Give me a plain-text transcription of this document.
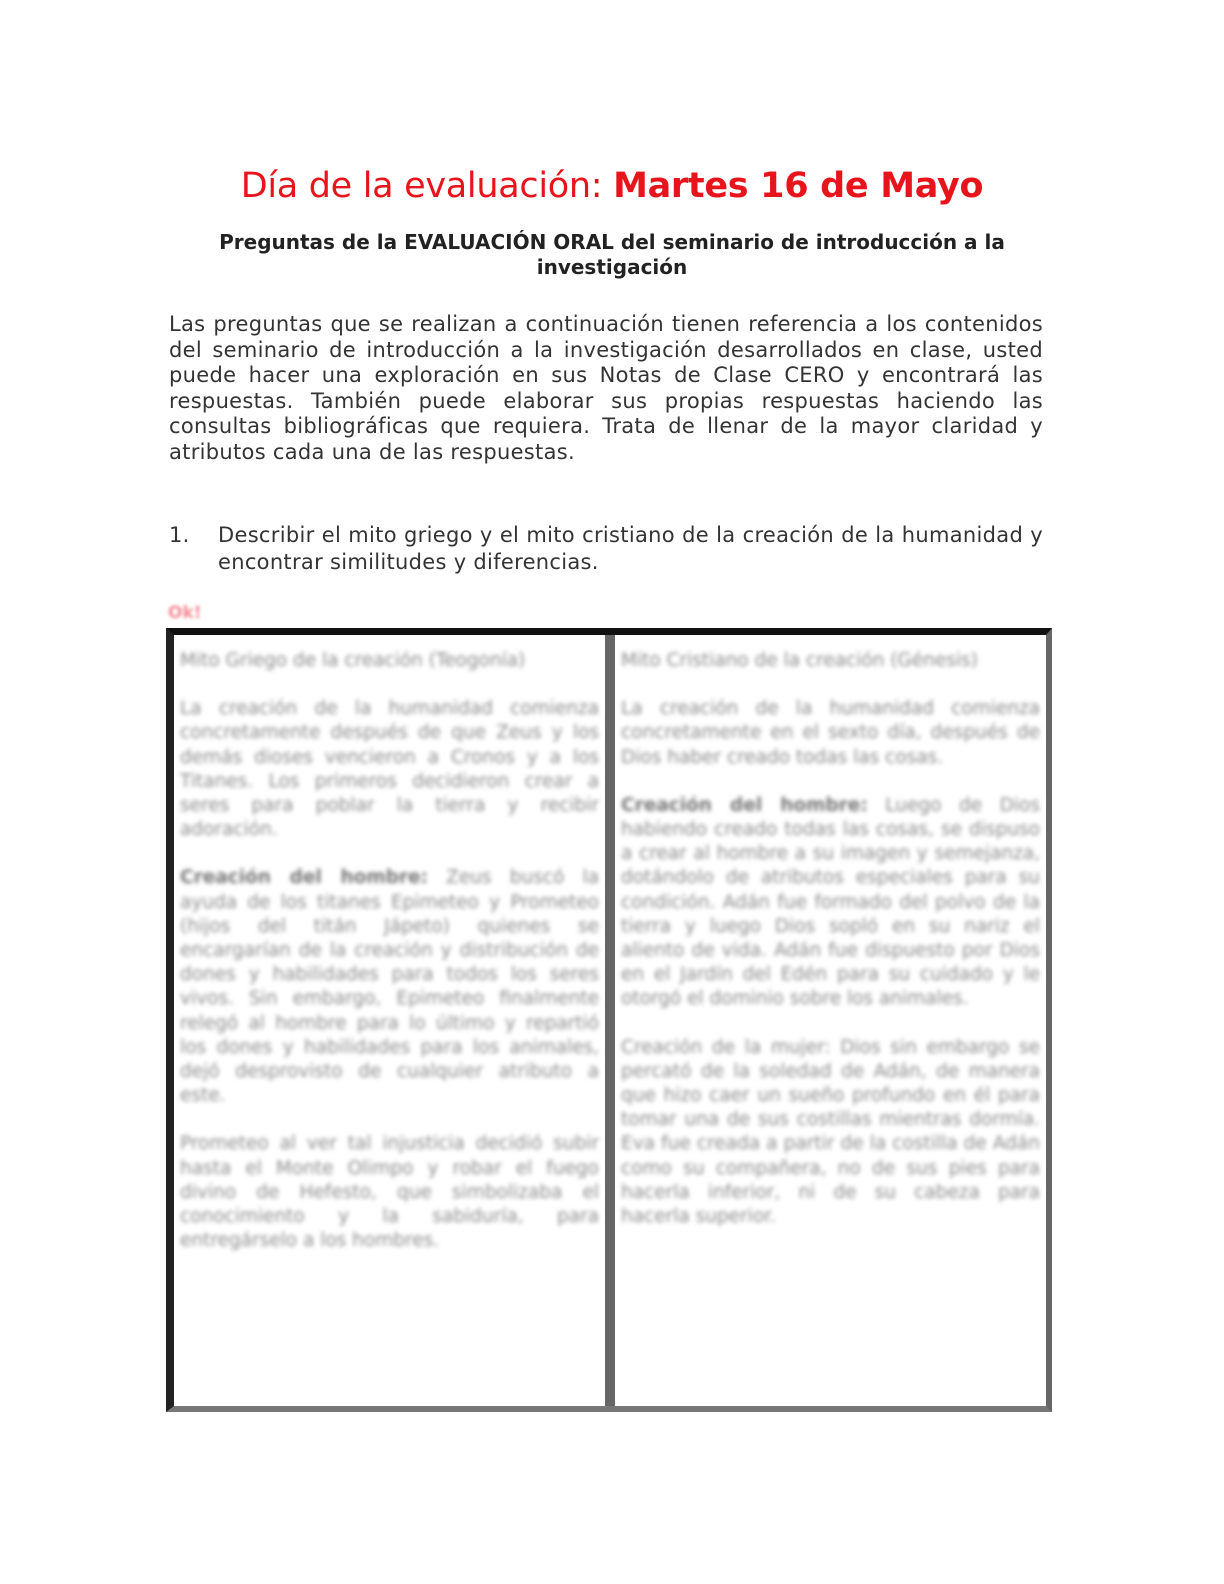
Día de la evaluación: Martes 16 de Mayo
Preguntas de la EVALUACIÓN ORAL del seminario de introducción a la investigación
Las preguntas que se realizan a continuación tienen referencia a los contenidos del seminario de introducción a la investigación desarrollados en clase, usted puede hacer una exploración en sus Notas de Clase CERO y encontrará las respuestas. También puede elaborar sus propias respuestas haciendo las consultas bibliográficas que requiera. Trata de llenar de la mayor claridad y atributos cada una de las respuestas.
1.	Describir el mito griego y el mito cristiano de la creación de la humanidad y encontrar similitudes y diferencias.
Ok!

Mito Griego de la creación (Teogonía)

La creación de la humanidad comienza concretamente después de que Zeus y los demás dioses vencieron a Cronos y a los Titanes. Los primeros decidieron crear a seres para poblar la tierra y recibir adoración.

Creación del hombre: Zeus buscó la ayuda de los titanes Epimeteo y Prometeo (hijos del titán Jápeto) quienes se encargarían de la creación y distribución de dones y habilidades para todos los seres vivos. Sin embargo, Epimeteo finalmente relegó al hombre para lo último y repartió los dones y habilidades para los animales, dejó desprovisto de cualquier atributo a este.

Prometeo al ver tal injusticia decidió subir hasta el Monte Olimpo y robar el fuego divino de Hefesto, que simbolizaba el conocimiento y la sabiduría, para entregárselo a los hombres.

Mito Cristiano de la creación (Génesis)

La creación de la humanidad comienza concretamente en el sexto día, después de Dios haber creado todas las cosas.

Creación del hombre: Luego de Dios habiendo creado todas las cosas, se dispuso a crear al hombre a su imagen y semejanza, dotándolo de atributos especiales para su condición. Adán fue formado del polvo de la tierra y luego Dios sopló en su nariz el aliento de vida. Adán fue dispuesto por Dios en el Jardín del Edén para su cuidado y le otorgó el dominio sobre los animales.

Creación de la mujer: Dios sin embargo se percató de la soledad de Adán, de manera que hizo caer un sueño profundo en él para tomar una de sus costillas mientras dormía. Eva fue creada a partir de la costilla de Adán como su compañera, no de sus pies para hacerla inferior, ni de su cabeza para hacerla superior.
